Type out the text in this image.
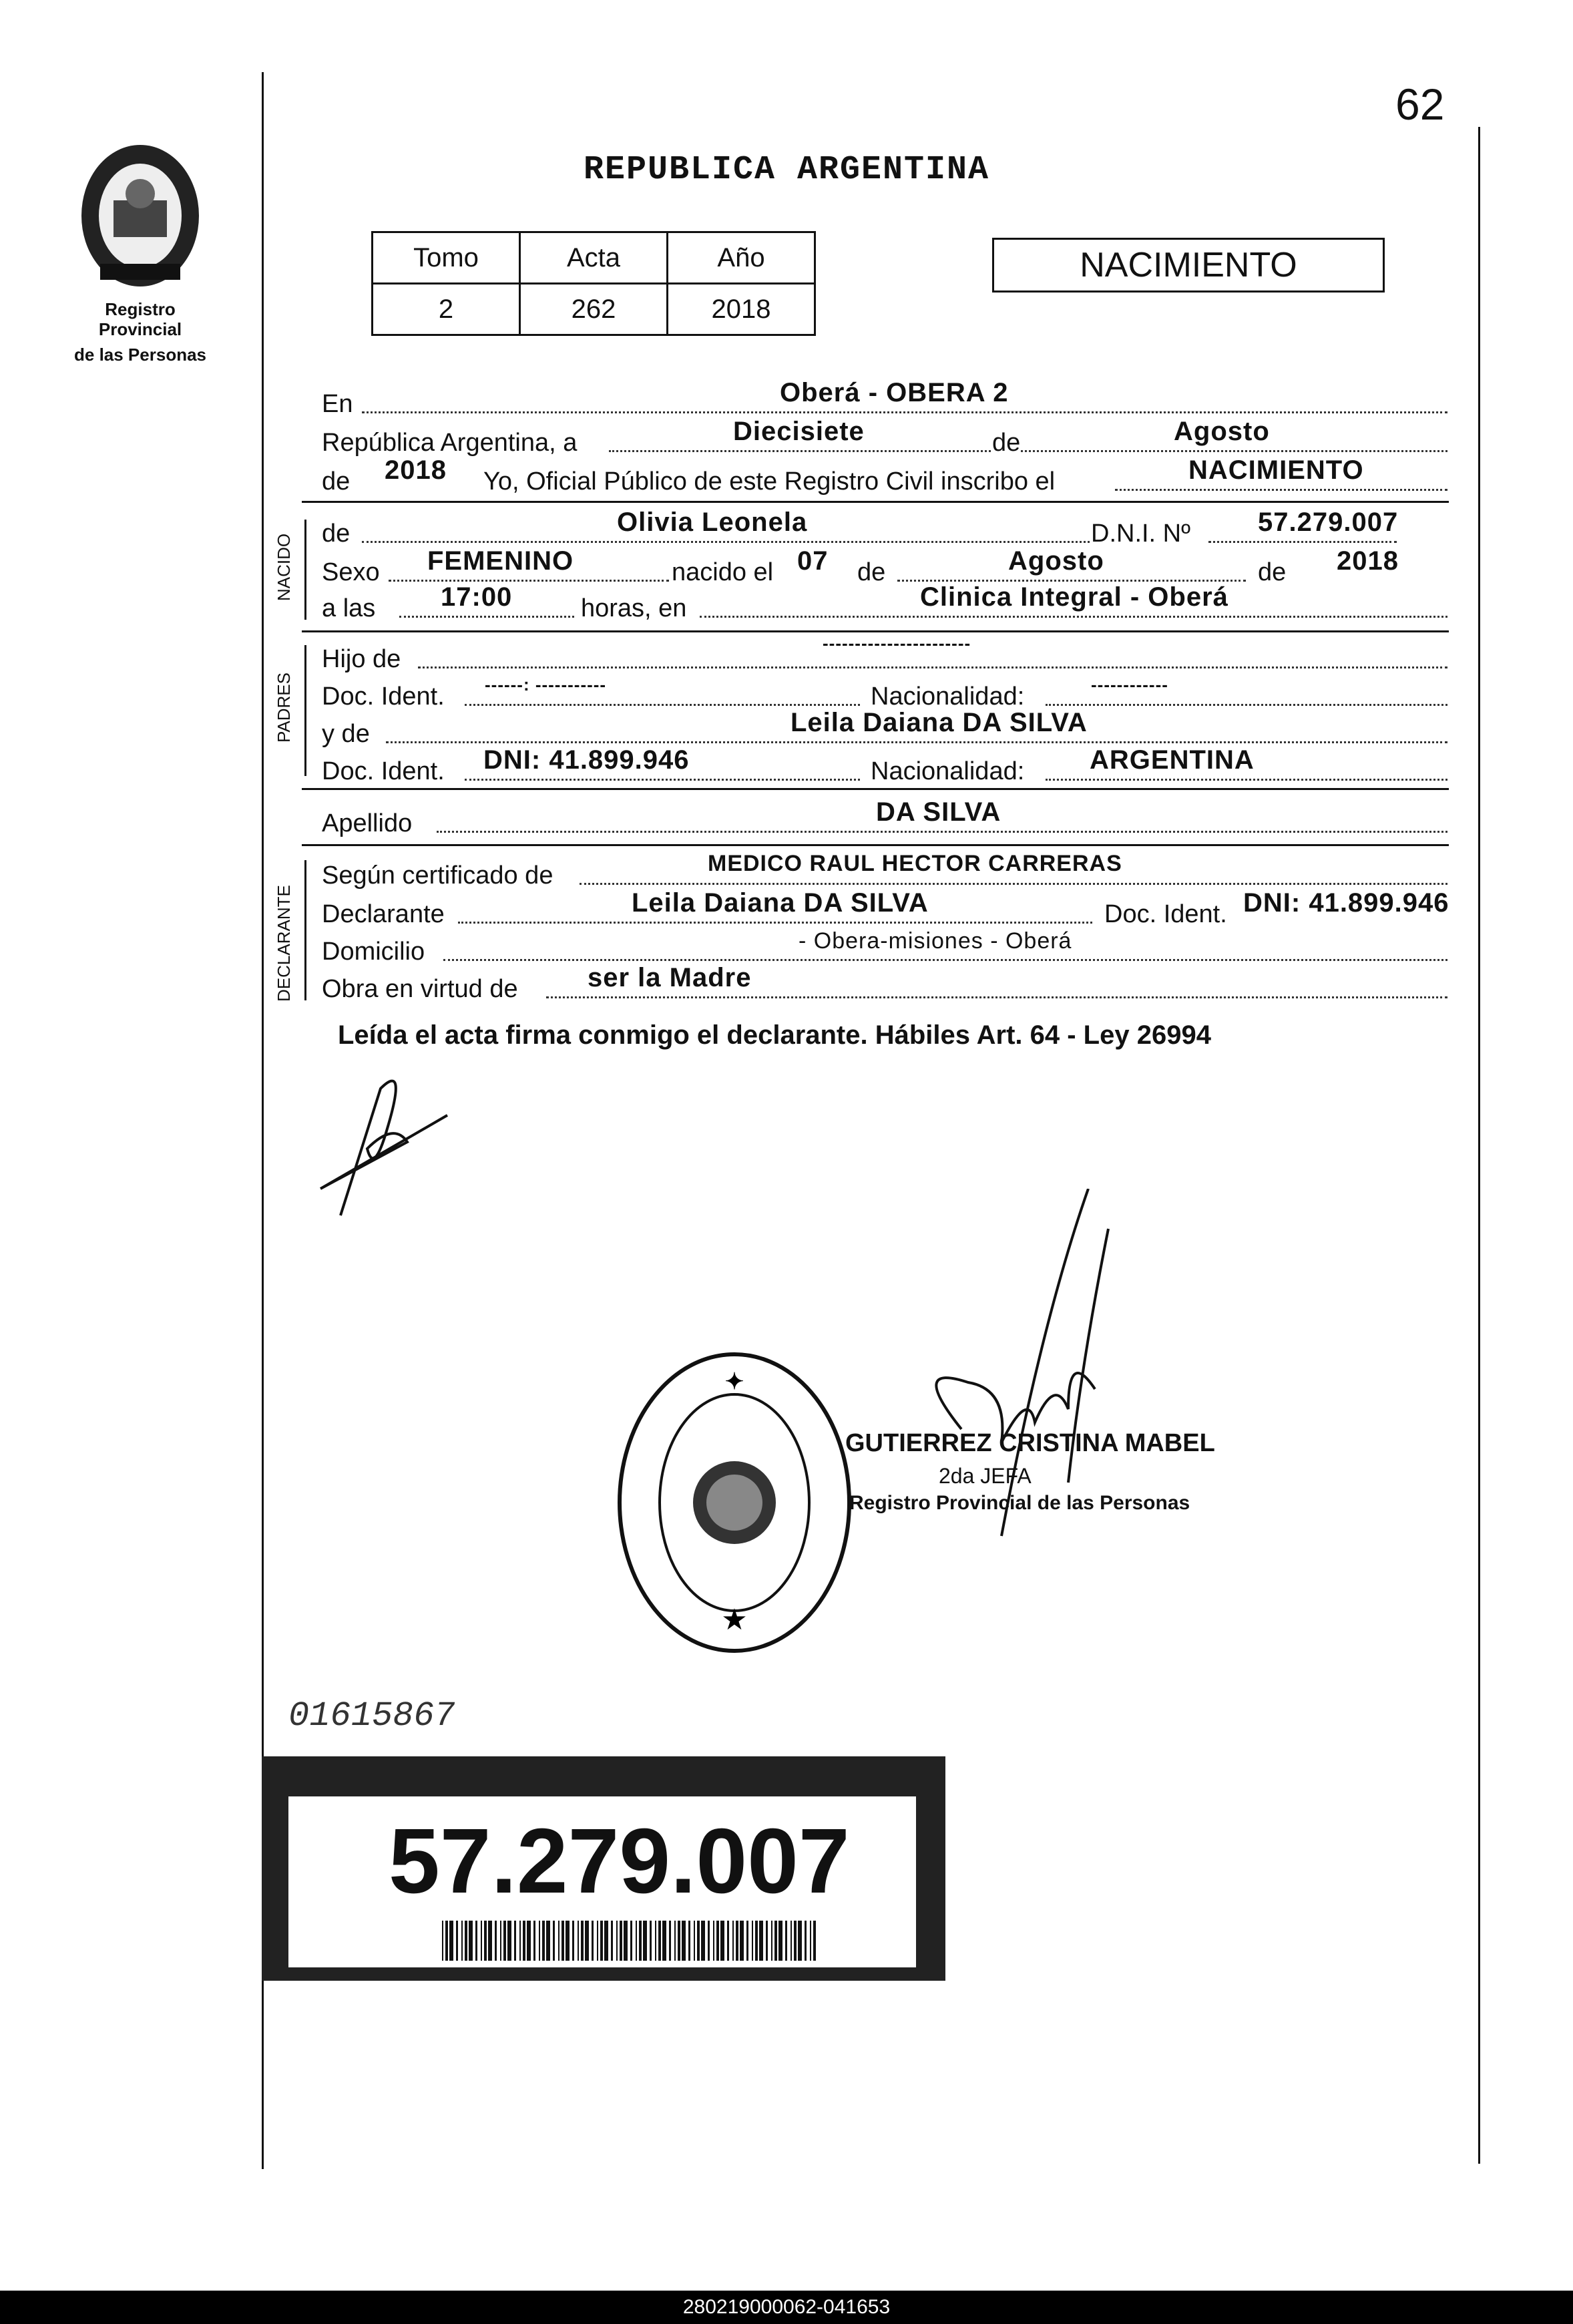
62
REPUBLICA ARGENTINA
Registro Provincial
de las Personas
Tomo	Acta	Año
2	262	2018
NACIMIENTO
En	Oberá - OBERA 2
República Argentina, a	Diecisiete	de	Agosto
de 2018 Yo, Oficial Público de este Registro Civil inscribo el	NACIMIENTO
NACIDO de	Olivia Leonela	D.N.I. Nº	57.279.007
Sexo FEMENINO	nacido el 07 de	Agosto	de 2018
a las 17:00	horas, en	Clinica Integral - Oberá
PADRES
Hijo de
-----------------------
Doc. Ident. ------: -----------	Nacionalidad:	------------
y de	Leila Daiana DA SILVA
Doc. Ident. DNI: 41.899.946	Nacionalidad: ARGENTINA
Apellido	DA SILVA
DECLARANTE
Según certificado de	MEDICO RAUL HECTOR CARRERAS
Declarante	Leila Daiana DA SILVA	Doc. Ident. DNI: 41.899.946
Domicilio	- Obera-misiones - Oberá
Obra en virtud de	ser la Madre
Leída el acta firma conmigo el declarante. Hábiles Art. 64 - Ley 26994
✦
★
GUTIERREZ CRISTINA MABEL
2da JEFA
Registro Provincial de las Personas
01615867
57.279.007
280219000062-041653
